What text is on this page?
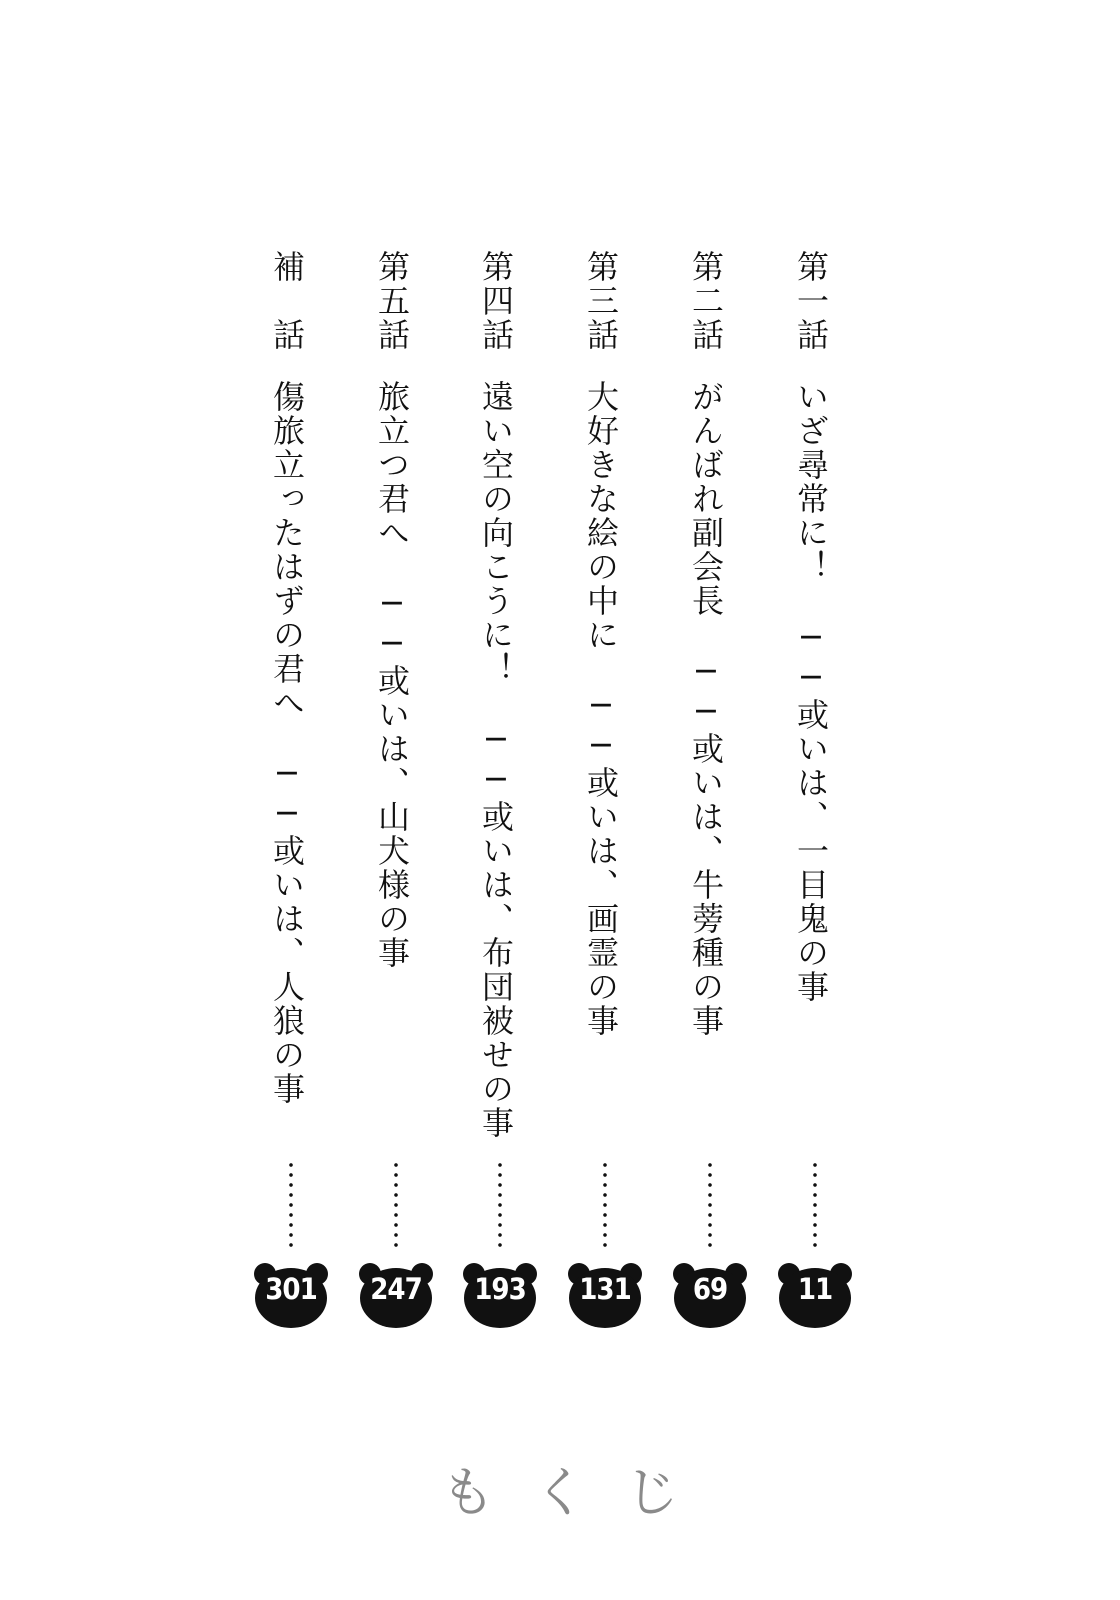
第一話
いざ尋常に！　──或いは、一目鬼の事
11
第二話
がんばれ副会長　──或いは、牛蒡種の事
69
第三話
大好きな絵の中に　──或いは、画霊の事
131
第四話
遠い空の向こうに！　──或いは、布団被せの事
193
第五話
旅立つ君へ　──或いは、山犬様の事
247
補　話
傷旅立ったはずの君へ　──或いは、人狼の事
301
もくじ
